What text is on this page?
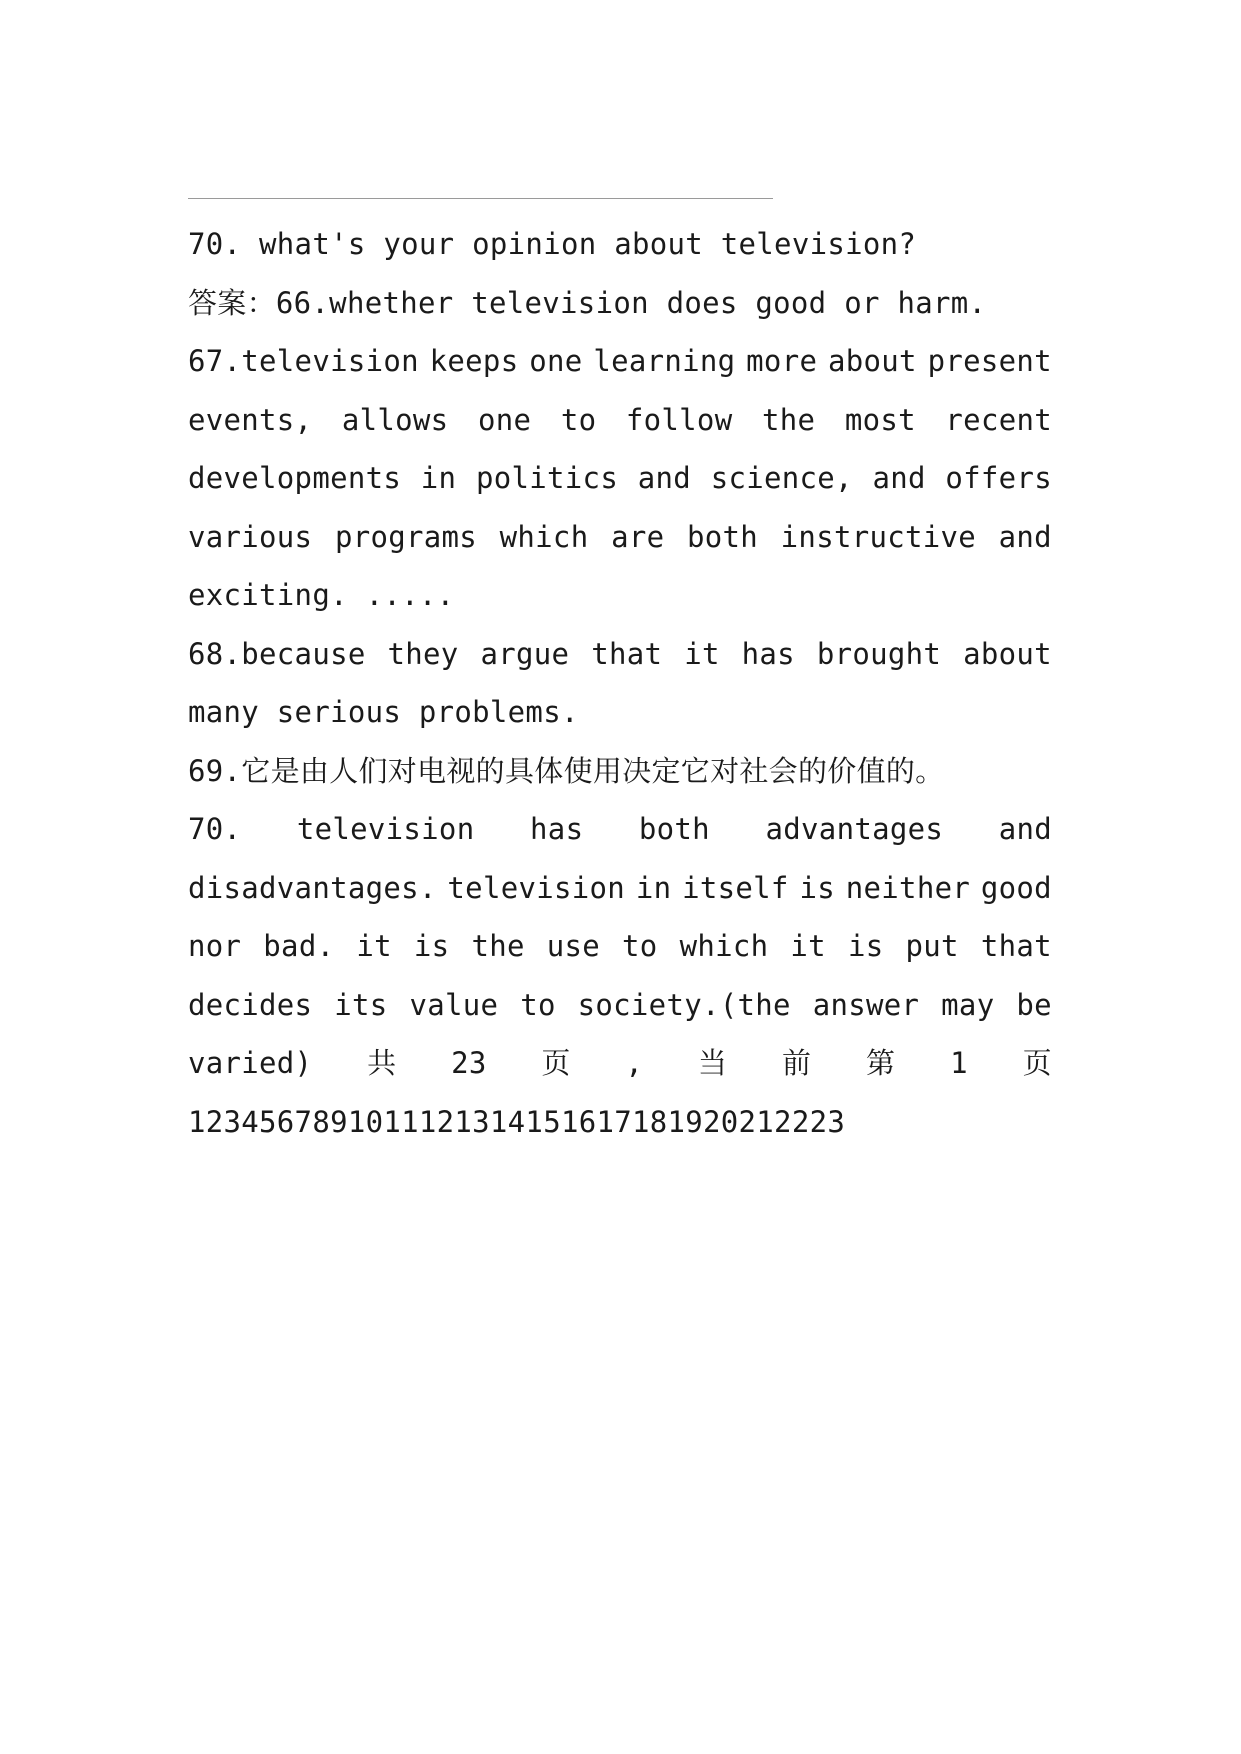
70. what's your opinion about television?
答案：66.whether television does good or harm.
67.television keeps one learning more about present
events, allows one to follow the most recent
developments in politics and science, and offers
various programs which are both instructive and
exciting. .....
68.because they argue that it has brought about
many serious problems.
69.它是由人们对电视的具体使用决定它对社会的价值的。
70. television has both advantages and
disadvantages. television in itself is neither good
nor bad. it is the use to which it is put that
decides its value to society.(the answer may be
varied) 共 23 页 , 当 前 第 1 页
1234567891011121314151617181920212223
